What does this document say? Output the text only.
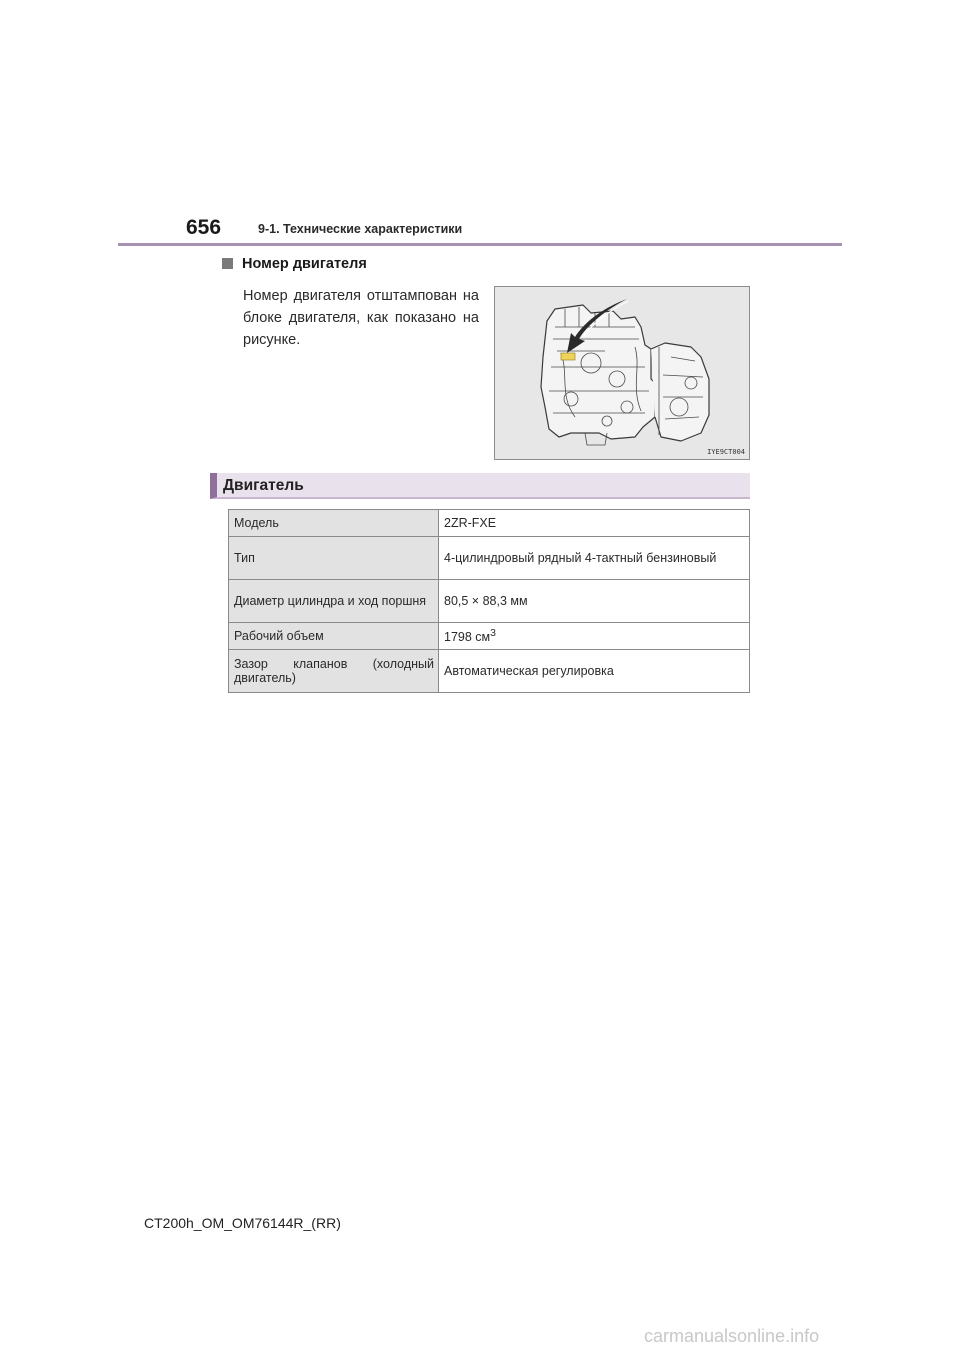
656	9-1. Технические характеристики
Номер двигателя
Номер двигателя отштампован на блоке двигателя, как показано на рисунке.
IYE9CT004
Двигатель
Модель	2ZR-FXE
Тип	4-цилиндровый рядный 4-тактный бензиновый
Диаметр цилиндра и ход поршня	80,5 × 88,3 мм
Рабочий объем	1798 $см^3$
Зазор клапанов (холодный двигатель)	Автоматическая регулировка
CT200h_OM_OM76144R_(RR)
carmanualsonline.info
